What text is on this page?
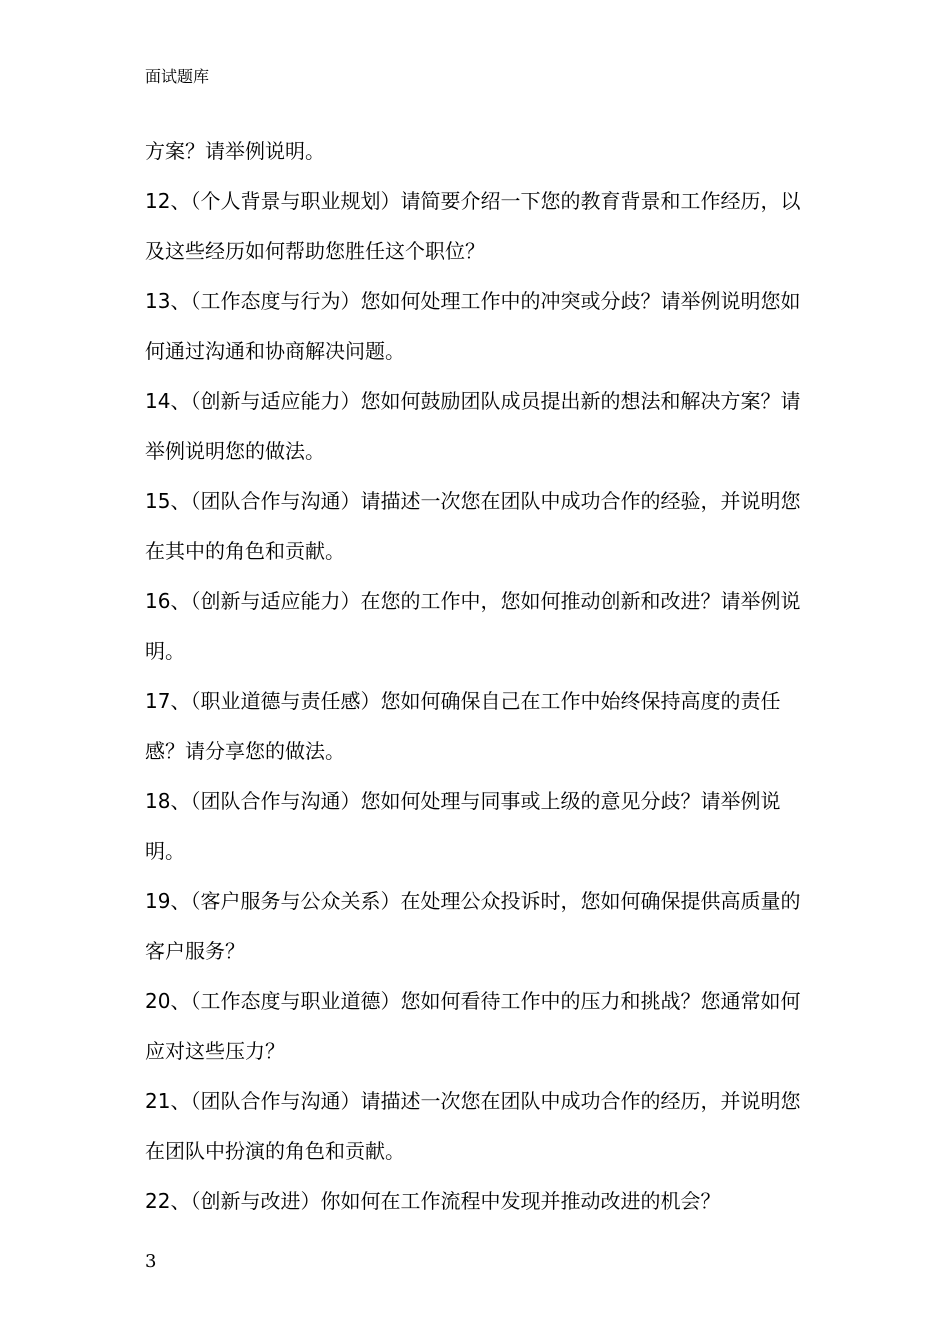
面试题库

方案？请举例说明。

12、（个人背景与职业规划）请简要介绍一下您的教育背景和工作经历，以及这些经历如何帮助您胜任这个职位？

13、（工作态度与行为）您如何处理工作中的冲突或分歧？请举例说明您如何通过沟通和协商解决问题。

14、（创新与适应能力）您如何鼓励团队成员提出新的想法和解决方案？请举例说明您的做法。

15、（团队合作与沟通）请描述一次您在团队中成功合作的经验，并说明您在其中的角色和贡献。

16、（创新与适应能力）在您的工作中，您如何推动创新和改进？请举例说明。

17、（职业道德与责任感）您如何确保自己在工作中始终保持高度的责任感？请分享您的做法。

18、（团队合作与沟通）您如何处理与同事或上级的意见分歧？请举例说明。

19、（客户服务与公众关系）在处理公众投诉时，您如何确保提供高质量的客户服务？

20、（工作态度与职业道德）您如何看待工作中的压力和挑战？您通常如何应对这些压力？

21、（团队合作与沟通）请描述一次您在团队中成功合作的经历，并说明您在团队中扮演的角色和贡献。

22、（创新与改进）你如何在工作流程中发现并推动改进的机会？

3
